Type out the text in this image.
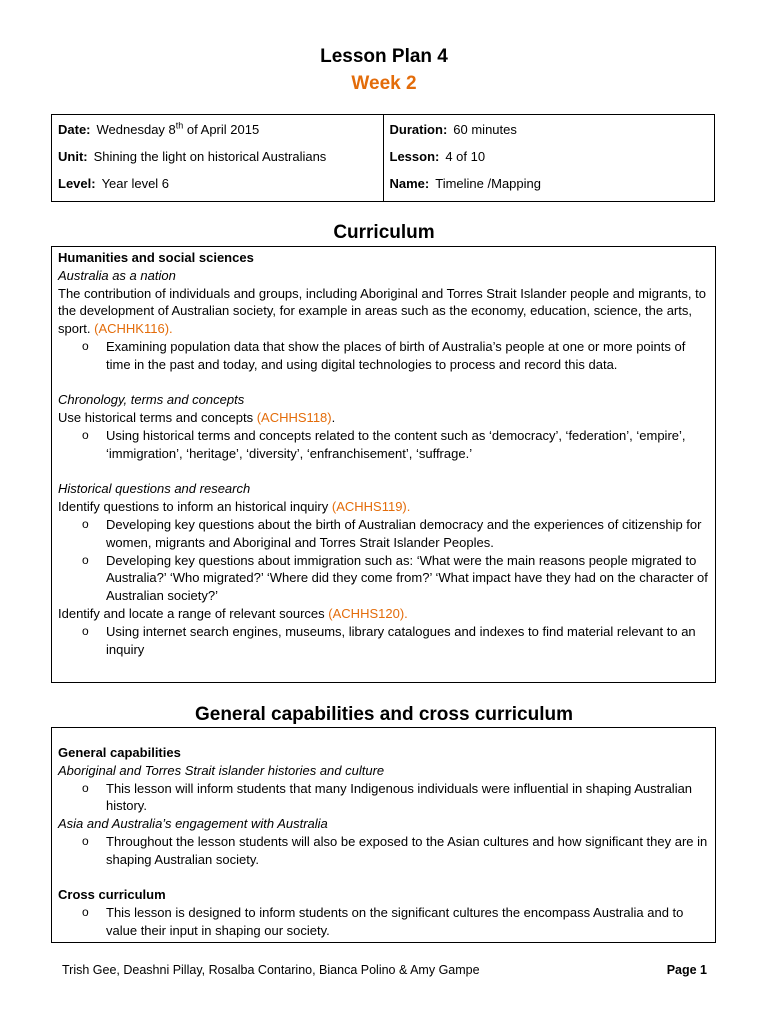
Lesson Plan 4
Week 2
Date: Wednesday 8th of April 2015
Unit: Shining the light on historical Australians
Level: Year level 6
Duration: 60 minutes
Lesson: 4 of 10
Name: Timeline /Mapping
Curriculum

Humanities and social sciences

Australia as a nation

The contribution of individuals and groups, including Aboriginal and Torres Strait Islander people and migrants, to the development of Australian society, for example in areas such as the economy, education, science, the arts, sport. (ACHHK116).

o Examining population data that show the places of birth of Australia’s people at one or more points of time in the past and today, and using digital technologies to process and record this data.

Chronology, terms and concepts

Use historical terms and concepts (ACHHS118).

o Using historical terms and concepts related to the content such as ‘democracy’, ‘federation’, ‘empire’, ‘immigration’, ‘heritage’, ‘diversity’, ‘enfranchisement’, ‘suffrage.’

Historical questions and research

Identify questions to inform an historical inquiry (ACHHS119).

o Developing key questions about the birth of Australian democracy and the experiences of citizenship for women, migrants and Aboriginal and Torres Strait Islander Peoples.
o Developing key questions about immigration such as: ‘What were the main reasons people migrated to Australia?’ ‘Who migrated?’ ‘Where did they come from?’ ‘What impact have they had on the character of Australian society?’

Identify and locate a range of relevant sources (ACHHS120).

o Using internet search engines, museums, library catalogues and indexes to find material relevant to an inquiry
General capabilities and cross curriculum

General capabilities

Aboriginal and Torres Strait islander histories and culture

o This lesson will inform students that many Indigenous individuals were influential in shaping Australian history.

Asia and Australia’s engagement with Australia

o Throughout the lesson students will also be exposed to the Asian cultures and how significant they are in shaping Australian society.

Cross curriculum

o This lesson is designed to inform students on the significant cultures the encompass Australia and to value their input in shaping our society.
Trish Gee, Deashni Pillay, Rosalba Contarino, Bianca Polino & Amy Gampe	Page 1
